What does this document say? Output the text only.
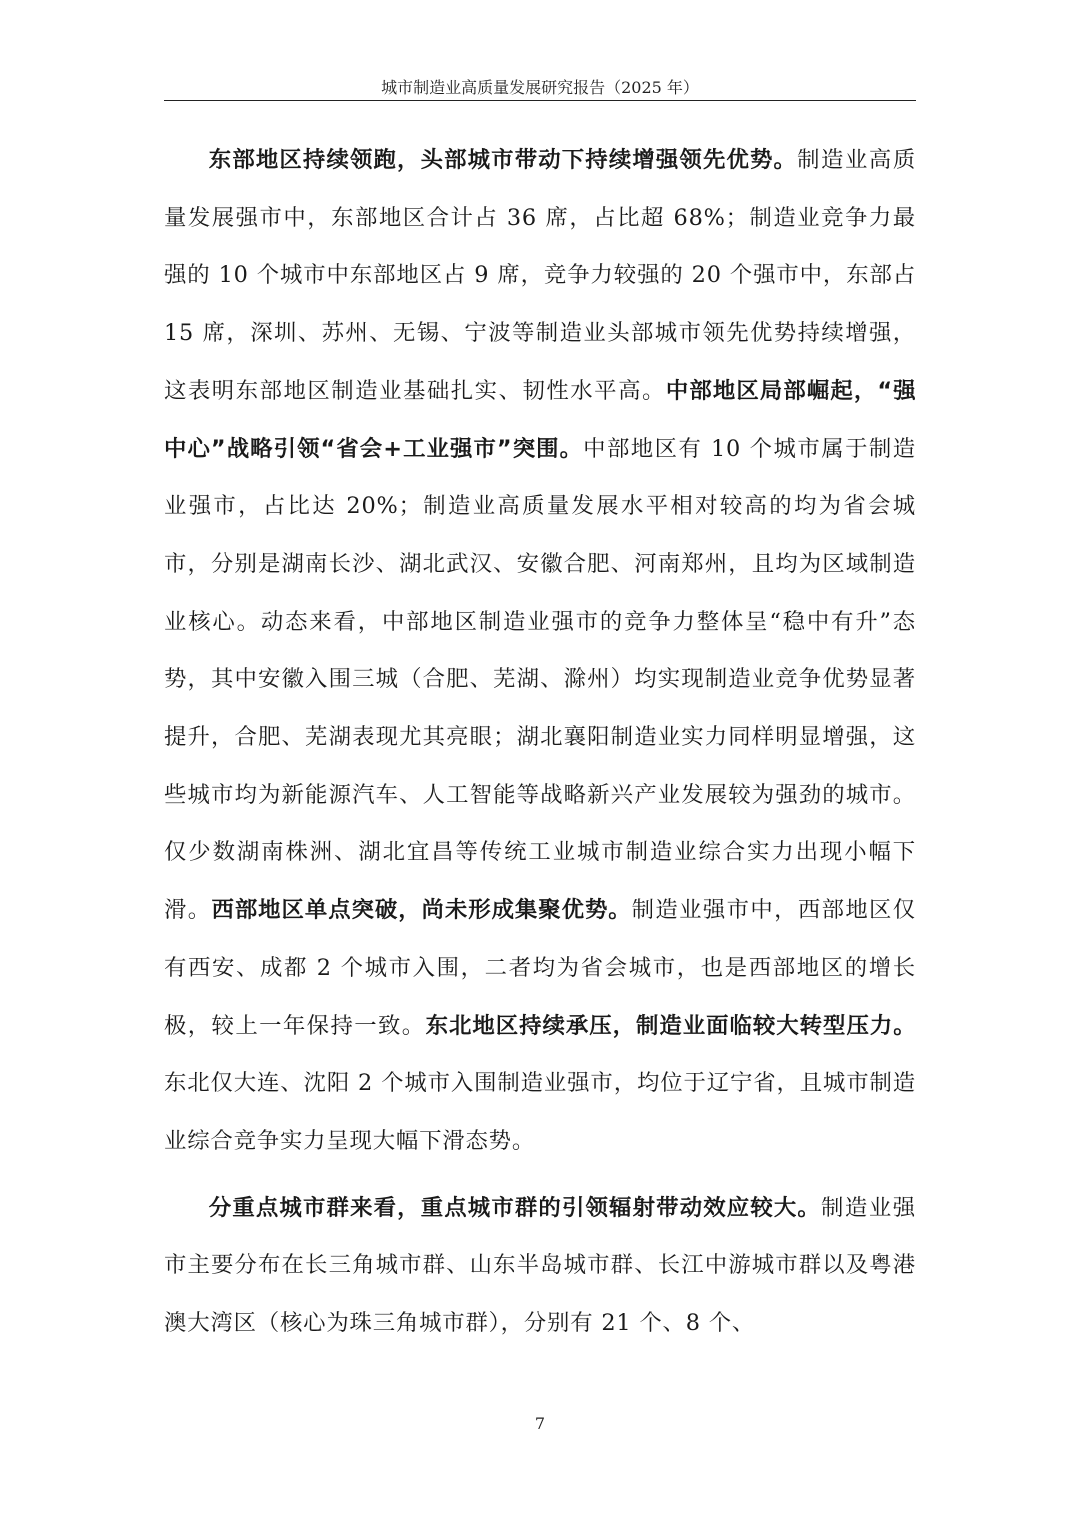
城市制造业高质量发展研究报告（2025 年）

东部地区持续领跑，头部城市带动下持续增强领先优势。制造业高质量发展强市中，东部地区合计占 36 席，占比超 68%；制造业竞争力最强的 10 个城市中东部地区占 9 席，竞争力较强的 20 个强市中，东部占 15 席，深圳、苏州、无锡、宁波等制造业头部城市领先优势持续增强，这表明东部地区制造业基础扎实、韧性水平高。中部地区局部崛起，“强中心”战略引领“省会+工业强市”突围。中部地区有 10 个城市属于制造业强市，占比达 20%；制造业高质量发展水平相对较高的均为省会城市，分别是湖南长沙、湖北武汉、安徽合肥、河南郑州，且均为区域制造业核心。动态来看，中部地区制造业强市的竞争力整体呈“稳中有升”态势，其中安徽入围三城（合肥、芜湖、滁州）均实现制造业竞争优势显著提升，合肥、芜湖表现尤其亮眼；湖北襄阳制造业实力同样明显增强，这些城市均为新能源汽车、人工智能等战略新兴产业发展较为强劲的城市。仅少数湖南株洲、湖北宜昌等传统工业城市制造业综合实力出现小幅下滑。西部地区单点突破，尚未形成集聚优势。制造业强市中，西部地区仅有西安、成都 2 个城市入围，二者均为省会城市，也是西部地区的增长极，较上一年保持一致。东北地区持续承压，制造业面临较大转型压力。东北仅大连、沈阳 2 个城市入围制造业强市，均位于辽宁省，且城市制造业综合竞争实力呈现大幅下滑态势。

分重点城市群来看，重点城市群的引领辐射带动效应较大。制造业强市主要分布在长三角城市群、山东半岛城市群、长江中游城市群以及粤港澳大湾区（核心为珠三角城市群），分别有 21 个、8 个、

7
